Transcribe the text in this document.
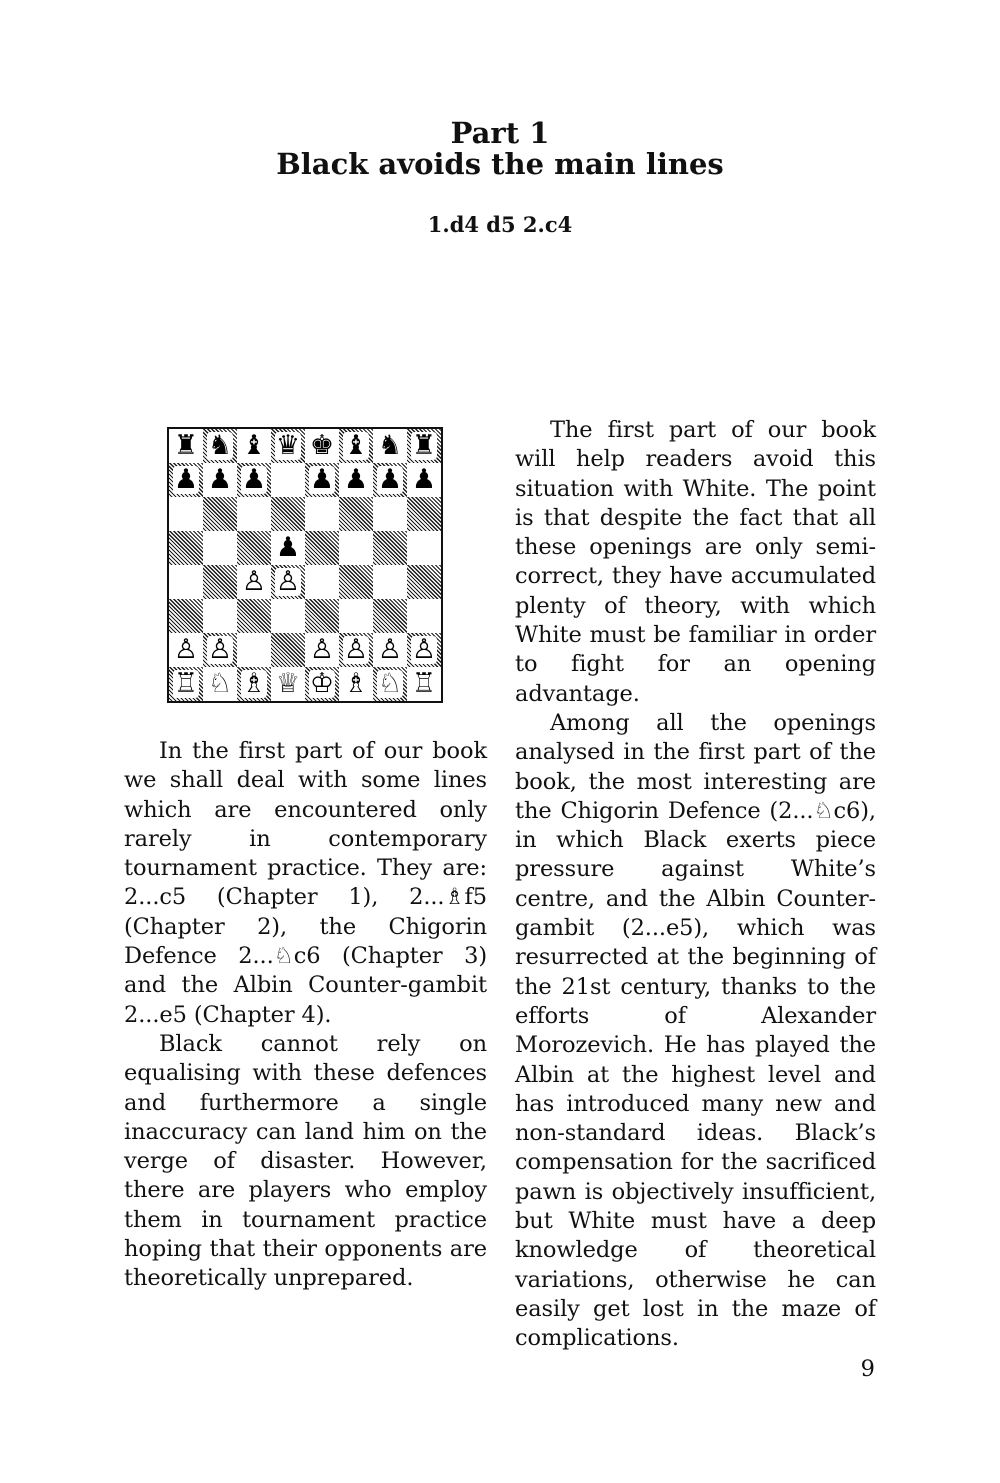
Part 1
Black avoids the main lines
1.d4 d5 2.c4
♜ ♞ ♝ ♛ ♚ ♝ ♞ ♜
♟ ♟ ♟ ♟ ♟ ♟ ♟
♟
♙ ♙
♙ ♙	♙ ♙ ♙ ♙
♖ ♘ ♗ ♕ ♔ ♗ ♘ ♖

In the first part of our book we shall deal with some lines which are encountered only rarely in contemporary tournament practice. They are: 2...c5 (Chapter 1), 2...♗f5 (Chapter 2), the Chigorin Defence 2...♘c6 (Chapter 3) and the Albin Counter-gambit 2...e5 (Chapter 4).

Black cannot rely on equalising with these defences and furthermore a single inaccuracy can land him on the verge of disaster. However, there are players who employ them in tournament practice hoping that their opponents are theoretically unprepared.

The first part of our book will help readers avoid this situation with White. The point is that despite the fact that all these openings are only semi-correct, they have accumulated plenty of theory, with which White must be familiar in order to fight for an opening advantage.

Among all the openings analysed in the first part of the book, the most interesting are the Chigorin Defence (2...♘c6), in which Black exerts piece pressure against White’s centre, and the Albin Counter-gambit (2...e5), which was resurrected at the beginning of the 21st century, thanks to the efforts of Alexander Morozevich. He has played the Albin at the highest level and has introduced many new and non-standard ideas. Black’s compensation for the sacrificed pawn is objectively insufficient, but White must have a deep knowledge of theoretical variations, otherwise he can easily get lost in the maze of complications.

9
